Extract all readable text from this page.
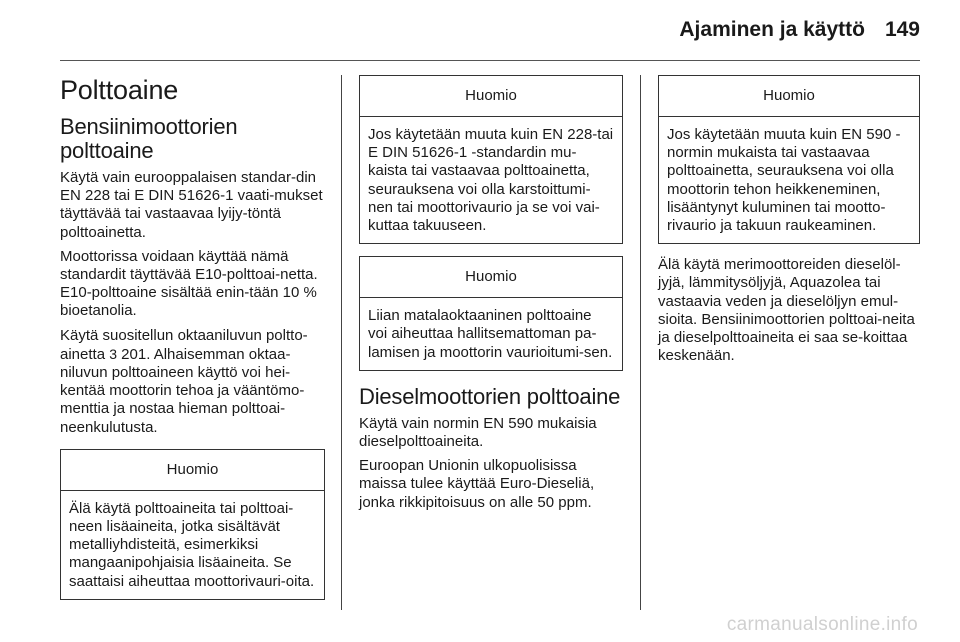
Ajaminen ja käyttö 149
Polttoaine
Bensiinimoottorien polttoaine

Käytä vain eurooppalaisen standar-din EN 228 tai E DIN 51626-1 vaati-mukset täyttävää tai vastaavaa lyijy-töntä polttoainetta.

Moottorissa voidaan käyttää nämä standardit täyttävää E10-polttoai-netta. E10-polttoaine sisältää enin-tään 10 % bioetanolia.

Käytä suositellun oktaaniluvun poltto-ainetta 3 201. Alhaisemman oktaa-niluvun polttoaineen käyttö voi hei-kentää moottorin tehoa ja vääntömo-menttia ja nostaa hieman polttoai-neenkulutusta.

Huomio
Älä käytä polttoaineita tai polttoai-neen lisäaineita, jotka sisältävät metalliyhdisteitä, esimerkiksi mangaanipohjaisia lisäaineita. Se saattaisi aiheuttaa moottorivauri-oita.
Huomio
Jos käytetään muuta kuin EN 228-tai E DIN 51626-1 -standardin mu-kaista tai vastaavaa polttoainetta, seurauksena voi olla karstoittumi-nen tai moottorivaurio ja se voi vai-kuttaa takuuseen.
Huomio
Liian matalaoktaaninen polttoaine voi aiheuttaa hallitsemattoman pa-lamisen ja moottorin vaurioitumi-sen.
Dieselmoottorien polttoaine

Käytä vain normin EN 590 mukaisia dieselpolttoaineita.

Euroopan Unionin ulkopuolisissa maissa tulee käyttää Euro-Dieseliä, jonka rikkipitoisuus on alle 50 ppm.

Huomio
Jos käytetään muuta kuin EN 590 -normin mukaista tai vastaavaa polttoainetta, seurauksena voi olla moottorin tehon heikkeneminen, lisääntynyt kuluminen tai mootto-rivaurio ja takuun raukeaminen.

Älä käytä merimoottoreiden dieselöl-jyjä, lämmitysöljyjä, Aquazolea tai vastaavia veden ja dieselöljyn emul-sioita. Bensiinimoottorien polttoai-neita ja dieselpolttoaineita ei saa se-koittaa keskenään.

carmanualsonline.info
